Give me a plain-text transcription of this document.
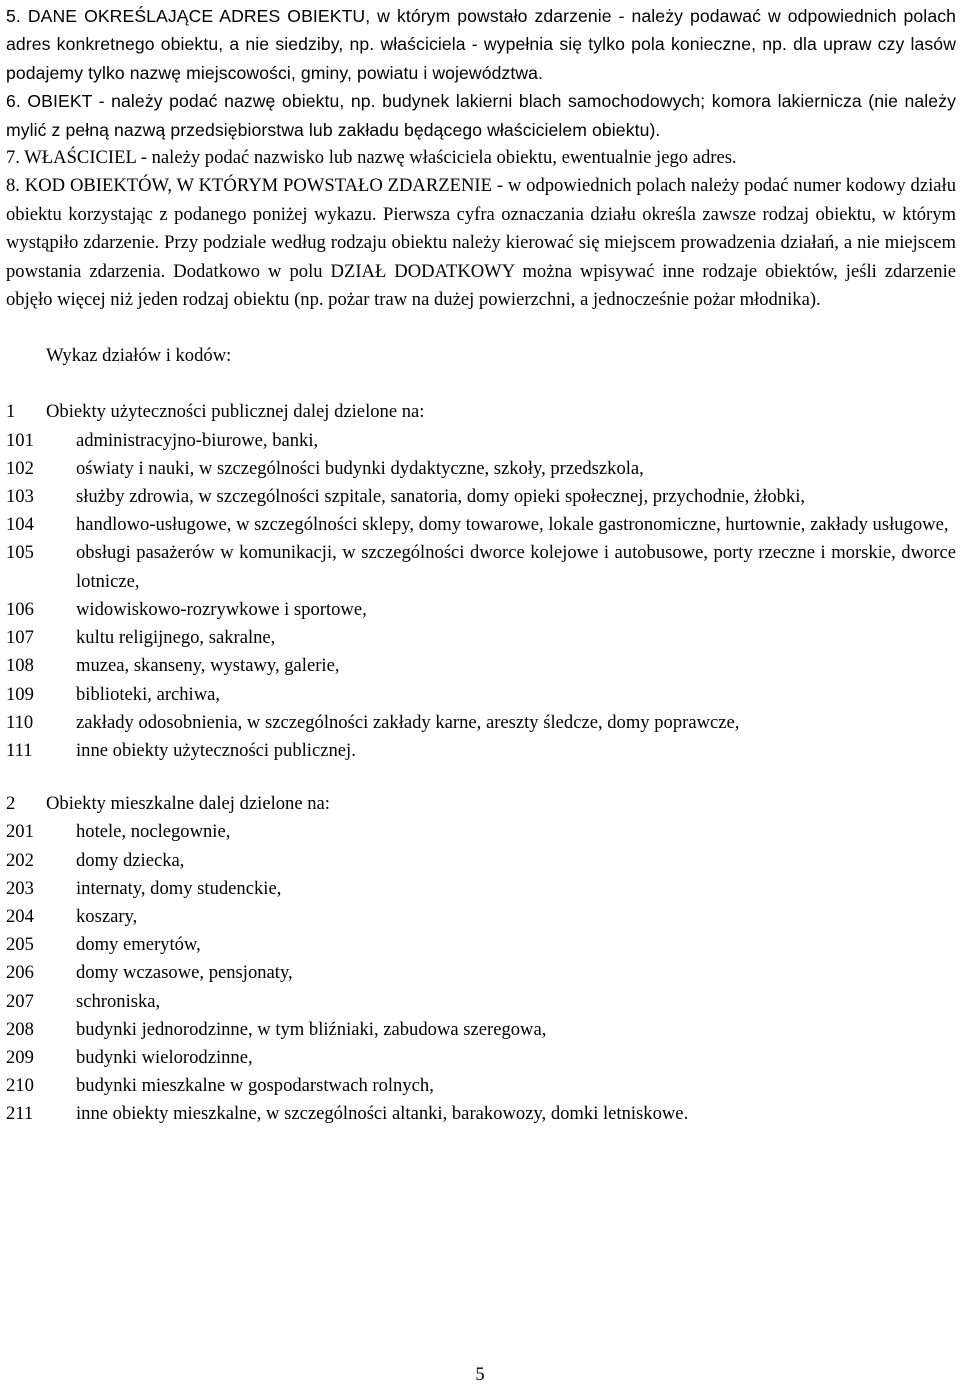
5. DANE OKREŚLAJĄCE ADRES OBIEKTU, w którym powstało zdarzenie - należy podawać w odpowiednich polach adres konkretnego obiektu, a nie siedziby, np. właściciela - wypełnia się tylko pola konieczne, np. dla upraw czy lasów podajemy tylko nazwę miejscowości, gminy, powiatu i województwa.

6. OBIEKT - należy podać nazwę obiektu, np. budynek lakierni blach samochodowych; komora lakiernicza (nie należy mylić z pełną nazwą przedsiębiorstwa lub zakładu będącego właścicielem obiektu).

7. WŁAŚCICIEL - należy podać nazwisko lub nazwę właściciela obiektu, ewentualnie jego adres.

8. KOD OBIEKTÓW, W KTÓRYM POWSTAŁO ZDARZENIE - w odpowiednich polach należy podać numer kodowy działu obiektu korzystając z podanego poniżej wykazu. Pierwsza cyfra oznaczania działu określa zawsze rodzaj obiektu, w którym wystąpiło zdarzenie. Przy podziale według rodzaju obiektu należy kierować się miejscem prowadzenia działań, a nie miejscem powstania zdarzenia. Dodatkowo w polu DZIAŁ DODATKOWY można wpisywać inne rodzaje obiektów, jeśli zdarzenie objęło więcej niż jeden rodzaj obiektu (np. pożar traw na dużej powierzchni, a jednocześnie pożar młodnika).

Wykaz działów i kodów:

1	Obiekty użyteczności publicznej dalej dzielone na:
101	administracyjno-biurowe, banki,
102	oświaty i nauki, w szczególności budynki dydaktyczne, szkoły, przedszkola,
103	służby zdrowia, w szczególności szpitale, sanatoria, domy opieki społecznej, przychodnie, żłobki,
104	handlowo-usługowe, w szczególności sklepy, domy towarowe, lokale gastronomiczne, hurtownie, zakłady usługowe,
105	obsługi pasażerów w komunikacji, w szczególności dworce kolejowe i autobusowe, porty rzeczne i morskie, dworce lotnicze,
106	widowiskowo-rozrywkowe i sportowe,
107	kultu religijnego, sakralne,
108	muzea, skanseny, wystawy, galerie,
109	biblioteki, archiwa,
110	zakłady odosobnienia, w szczególności zakłady karne, areszty śledcze, domy poprawcze,
111	inne obiekty użyteczności publicznej.
2	Obiekty mieszkalne dalej dzielone na:
201	hotele, noclegownie,
202	domy dziecka,
203	internaty, domy studenckie,
204	koszary,
205	domy emerytów,
206	domy wczasowe, pensjonaty,
207	schroniska,
208	budynki jednorodzinne, w tym bliźniaki, zabudowa szeregowa,
209	budynki wielorodzinne,
210	budynki mieszkalne w gospodarstwach rolnych,
211	inne obiekty mieszkalne, w szczególności altanki, barakowozy, domki letniskowe.
5
